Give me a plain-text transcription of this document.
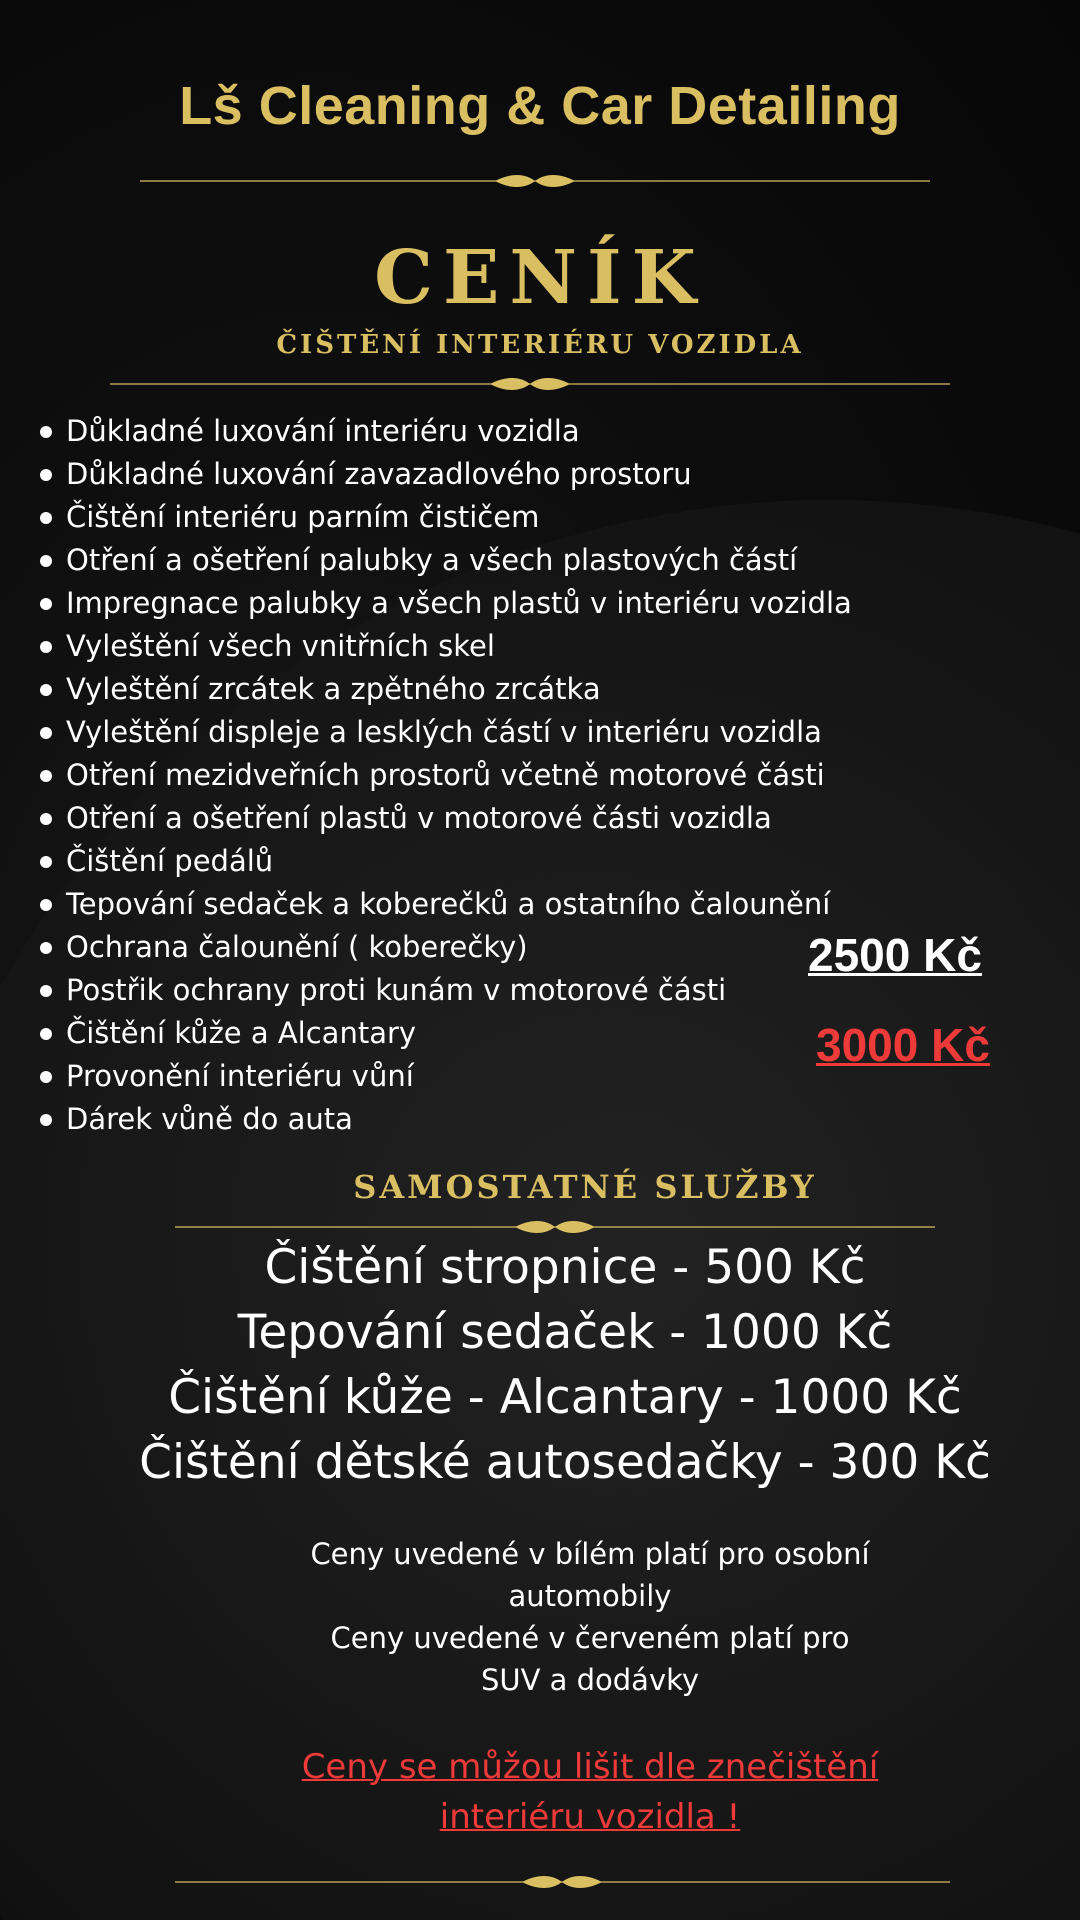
Lš Cleaning & Car Detailing
CENÍK
ČIŠTĚNÍ INTERIÉRU VOZIDLA
Důkladné luxování interiéru vozidla
Důkladné luxování zavazadlového prostoru
Čištění interiéru parním čističem
Otření a ošetření palubky a všech plastových částí
Impregnace palubky a všech plastů v interiéru vozidla
Vyleštění všech vnitřních skel
Vyleštění zrcátek a zpětného zrcátka
Vyleštění displeje a lesklých částí v interiéru vozidla
Otření mezidveřních prostorů včetně motorové části
Otření a ošetření plastů v motorové části vozidla
Čištění pedálů
Tepování sedaček a koberečků a ostatního čalounění
Ochrana čalounění ( koberečky)
Postřik ochrany proti kunám v motorové části
Čištění kůže a Alcantary
Provonění interiéru vůní
Dárek vůně do auta
2500 Kč
3000 Kč
SAMOSTATNÉ SLUŽBY
Čištění stropnice - 500 Kč
Tepování sedaček - 1000 Kč
Čištění kůže - Alcantary - 1000 Kč
Čištění dětské autosedačky - 300 Kč
Ceny uvedené v bílém platí pro osobní
automobily
Ceny uvedené v červeném platí pro
SUV a dodávky
Ceny se můžou lišit dle znečištění
interiéru vozidla !
